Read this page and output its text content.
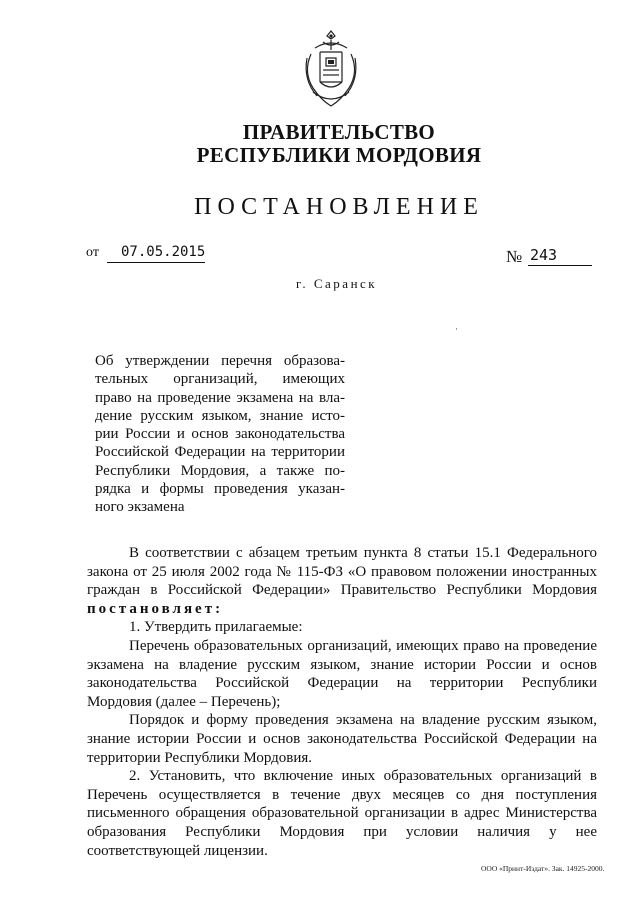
ПРАВИТЕЛЬСТВО
РЕСПУБЛИКИ МОРДОВИЯ
ПОСТАНОВЛЕНИЕ
от	07.05.2015	№ 243
г. Саранск
·
Об утверждении перечня образова-
тельных организаций, имеющих
право на проведение экзамена на вла-
дение русским языком, знание исто-
рии России и основ законодательства
Российской Федерации на территории
Республики Мордовия, а также по-
рядка и формы проведения указан-
ного экзамена
В соответствии с абзацем третьим пункта 8 статьи 15.1 Федерального
закона от 25 июля 2002 года № 115-ФЗ «О правовом положении иностранных
граждан в Российской Федерации» Правительство Республики Мордовия
постановляет:
1. Утвердить прилагаемые:
Перечень образовательных организаций, имеющих право на проведение
экзамена на владение русским языком, знание истории России и основ
законодательства Российской Федерации на территории Республики
Мордовия (далее – Перечень);
Порядок и форму проведения экзамена на владение русским языком,
знание истории России и основ законодательства Российской Федерации на
территории Республики Мордовия.
2. Установить, что включение иных образовательных организаций в
Перечень осуществляется в течение двух месяцев со дня поступления
письменного обращения образовательной организации в адрес Министерства
образования Республики Мордовия при условии наличия у нее
соответствующей лицензии.
ООО «Принт-Издат». Зак. 14925-2000.
